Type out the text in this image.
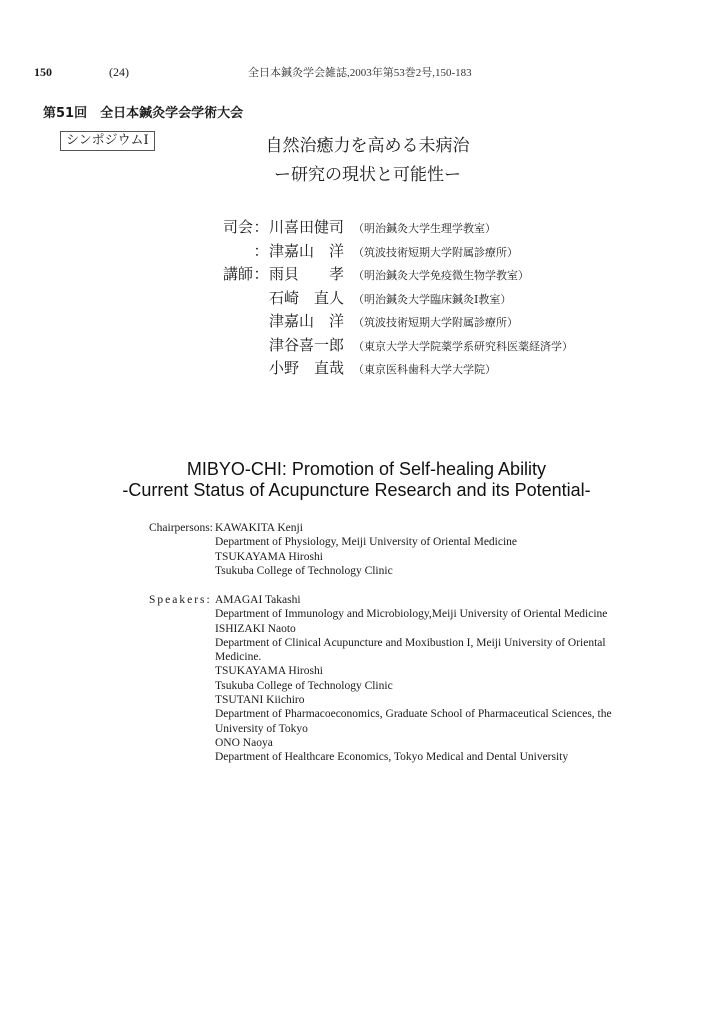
150	(24)	全日本鍼灸学会雑誌,2003年第53巻2号,150-183
第51回　全日本鍼灸学会学術大会
シンポジウムⅠ	自然治癒力を高める未病治
ー研究の現状と可能性ー
司会 ： 川喜田健司 （明治鍼灸大学生理学教室）
： 津嘉山　洋 （筑波技術短期大学附属診療所）
講師 ： 雨貝　　孝 （明治鍼灸大学免疫微生物学教室）
石崎　直人 （明治鍼灸大学臨床鍼灸Ⅰ教室）
津嘉山　洋 （筑波技術短期大学附属診療所）
津谷喜一郎 （東京大学大学院薬学系研究科医薬経済学）
小野　直哉 （東京医科歯科大学大学院）
MIBYO-CHI: Promotion of Self-healing Ability
-Current Status of Acupuncture Research and its Potential-
Chairpersons: KAWAKITA Kenji
Department of Physiology, Meiji University of Oriental Medicine
TSUKAYAMA Hiroshi
Tsukuba College of Technology Clinic
Speakers: AMAGAI Takashi
Department of Immunology and Microbiology,Meiji University of Oriental Medicine
ISHIZAKI Naoto
Department of Clinical Acupuncture and Moxibustion I, Meiji University of Oriental
Medicine.
TSUKAYAMA Hiroshi
Tsukuba College of Technology Clinic
TSUTANI Kiichiro
Department of Pharmacoeconomics, Graduate School of Pharmaceutical Sciences, the
University of Tokyo
ONO Naoya
Department of Healthcare Economics, Tokyo Medical and Dental University
